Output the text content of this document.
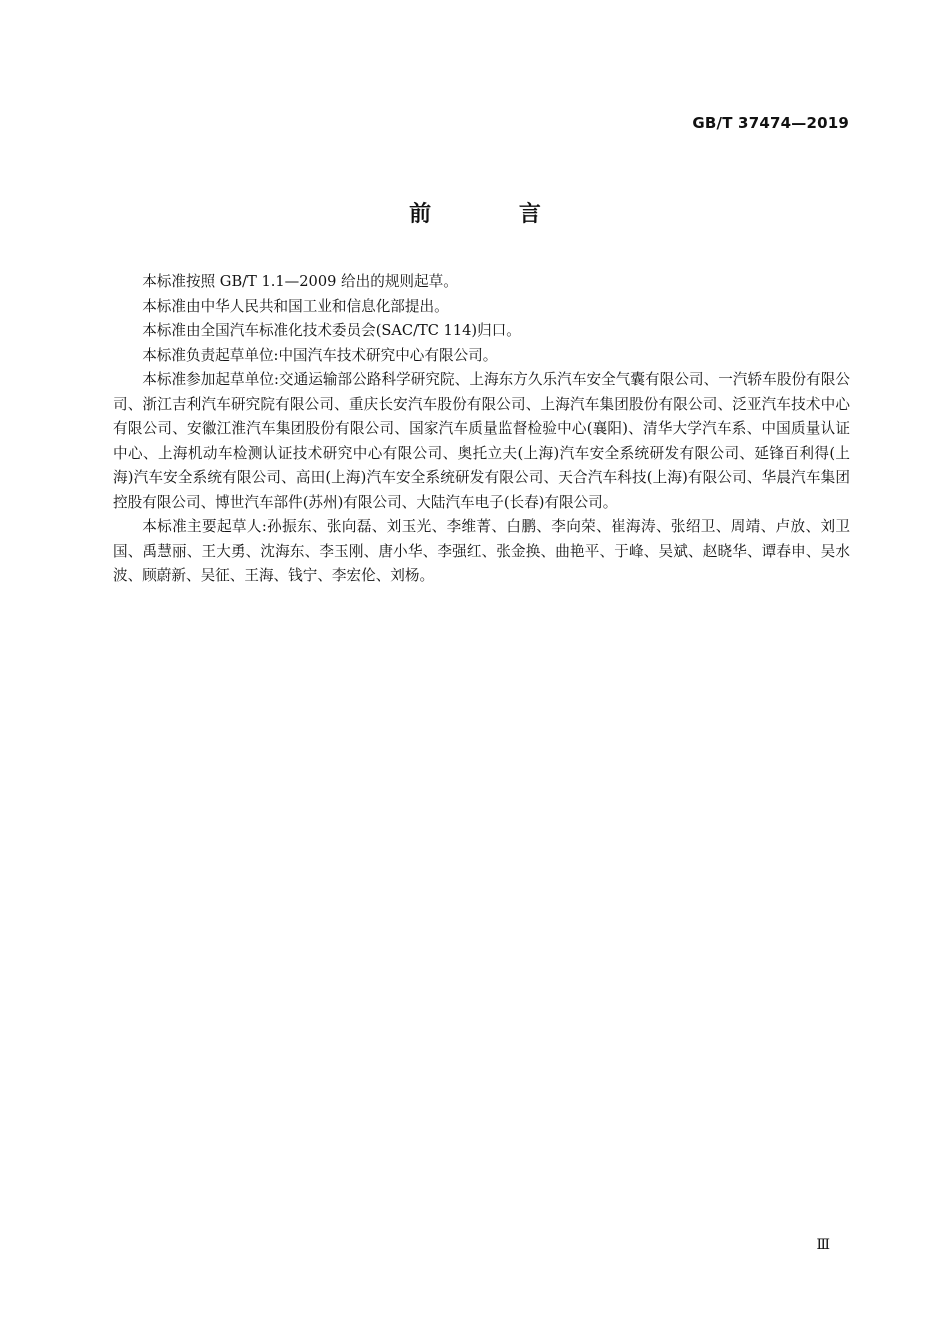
GB/T 37474—2019
前 言

本标准按照 GB/T 1.1—2009 给出的规则起草。

本标准由中华人民共和国工业和信息化部提出。

本标准由全国汽车标准化技术委员会(SAC/TC 114)归口。

本标准负责起草单位:中国汽车技术研究中心有限公司。

本标准参加起草单位:交通运输部公路科学研究院、上海东方久乐汽车安全气囊有限公司、一汽轿车股份有限公司、浙江吉利汽车研究院有限公司、重庆长安汽车股份有限公司、上海汽车集团股份有限公司、泛亚汽车技术中心有限公司、安徽江淮汽车集团股份有限公司、国家汽车质量监督检验中心(襄阳)、清华大学汽车系、中国质量认证中心、上海机动车检测认证技术研究中心有限公司、奥托立夫(上海)汽车安全系统研发有限公司、延锋百利得(上海)汽车安全系统有限公司、高田(上海)汽车安全系统研发有限公司、天合汽车科技(上海)有限公司、华晨汽车集团控股有限公司、博世汽车部件(苏州)有限公司、大陆汽车电子(长春)有限公司。

本标准主要起草人:孙振东、张向磊、刘玉光、李维菁、白鹏、李向荣、崔海涛、张绍卫、周靖、卢放、刘卫国、禹慧丽、王大勇、沈海东、李玉刚、唐小华、李强红、张金换、曲艳平、于峰、吴斌、赵晓华、谭春申、吴水波、顾蔚新、吴征、王海、钱宁、李宏伦、刘杨。

Ⅲ
